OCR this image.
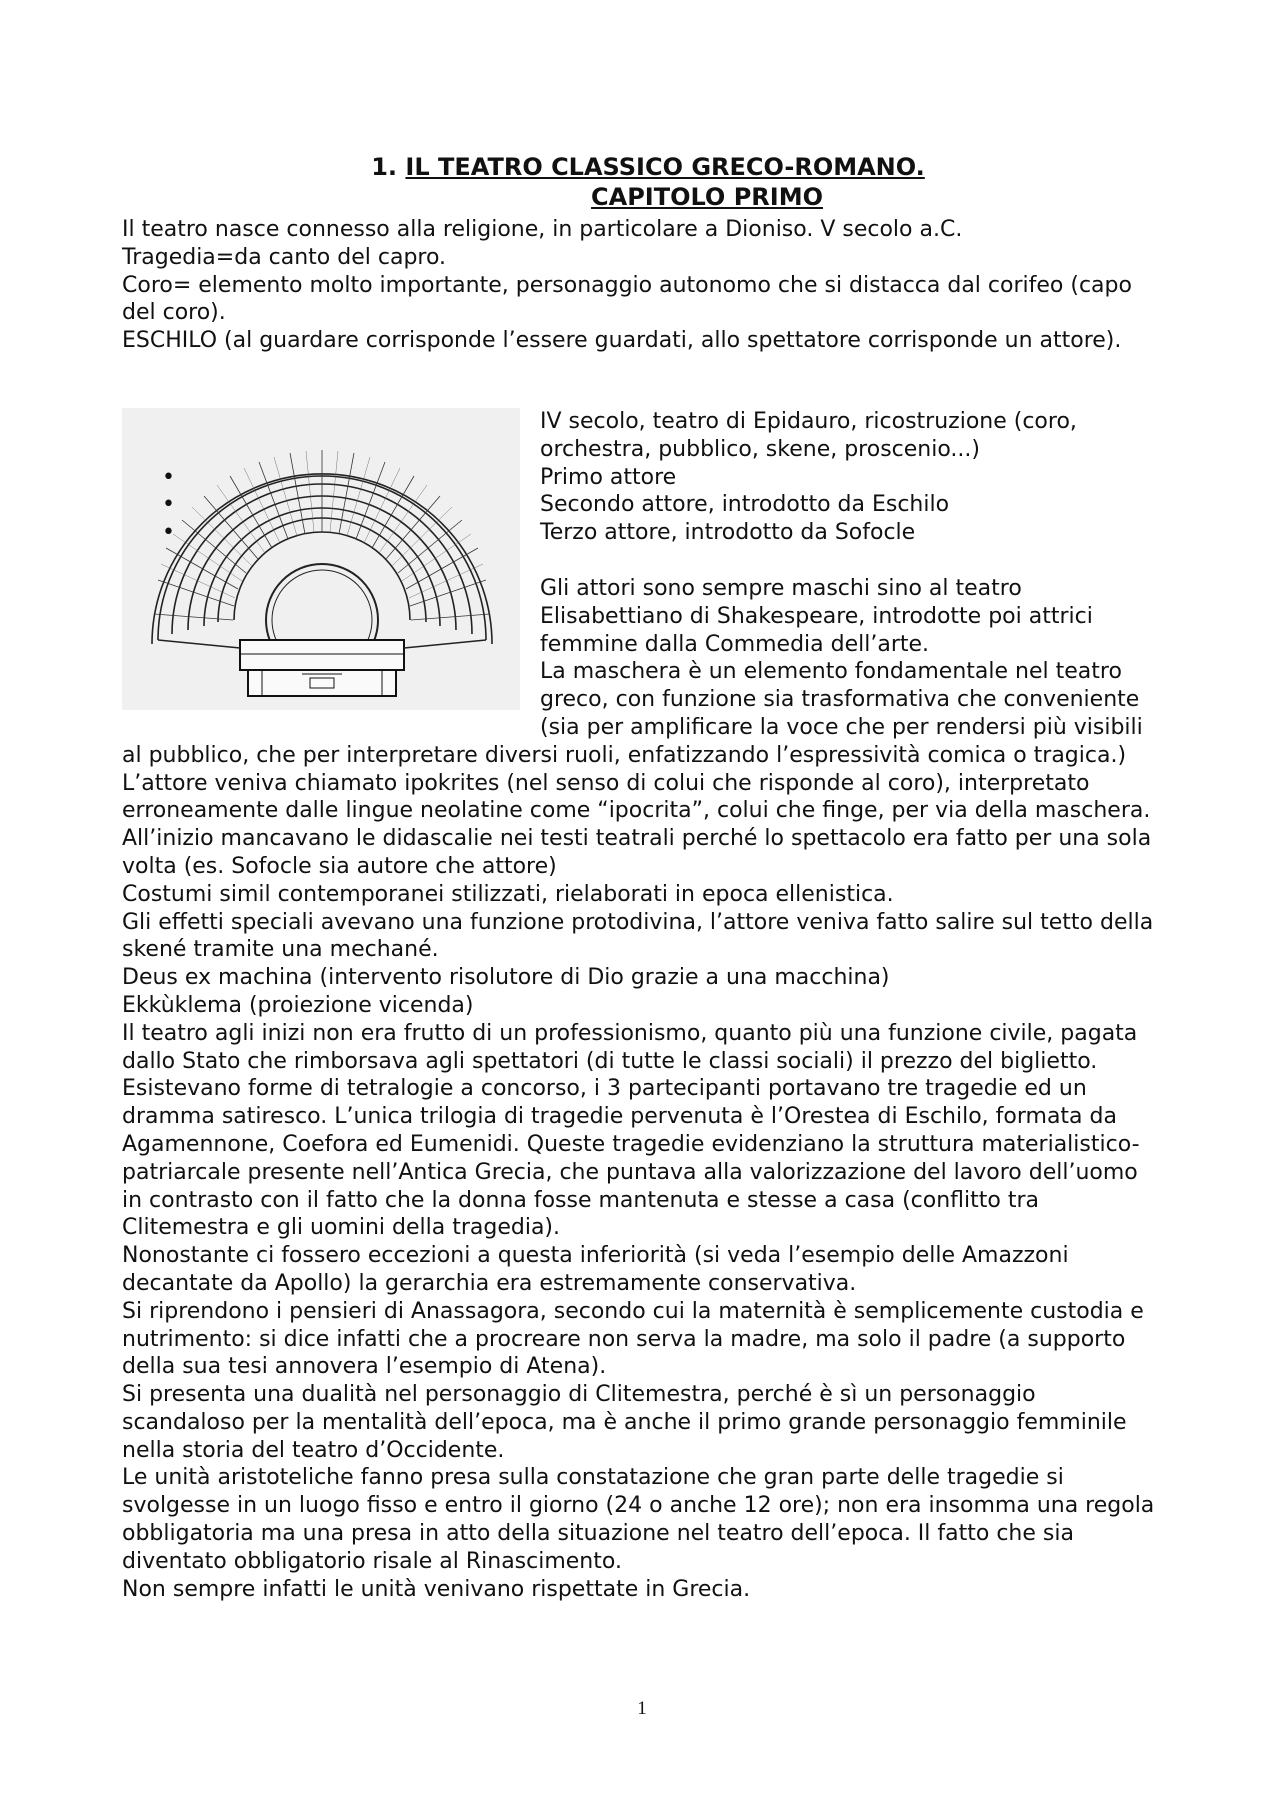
1. IL TEATRO CLASSICO GRECO-ROMANO.
CAPITOLO PRIMO

Il teatro nasce connesso alla religione, in particolare a Dioniso. V secolo a.C.

Tragedia=da canto del capro.

Coro= elemento molto importante, personaggio autonomo che si distacca dal corifeo (capo del coro).

ESCHILO (al guardare corrisponde l’essere guardati, allo spettatore corrisponde un attore).

IV secolo, teatro di Epidauro, ricostruzione (coro, orchestra, pubblico, skene, proscenio...)

• Primo attore
• Secondo attore, introdotto da Eschilo
• Terzo attore, introdotto da Sofocle

Gli attori sono sempre maschi sino al teatro Elisabettiano di Shakespeare, introdotte poi attrici femmine dalla Commedia dell’arte.

La maschera è un elemento fondamentale nel teatro greco, con funzione sia trasformativa che conveniente (sia per amplificare la voce che per rendersi più visibili al pubblico, che per interpretare diversi ruoli, enfatizzando l’espressività comica o tragica.)

L’attore veniva chiamato ipokrites (nel senso di colui che risponde al coro), interpretato erroneamente dalle lingue neolatine come “ipocrita”, colui che finge, per via della maschera.

All’inizio mancavano le didascalie nei testi teatrali perché lo spettacolo era fatto per una sola volta (es. Sofocle sia autore che attore)

Costumi simil contemporanei stilizzati, rielaborati in epoca ellenistica.

Gli effetti speciali avevano una funzione protodivina, l’attore veniva fatto salire sul tetto della skené tramite una mechané.

Deus ex machina (intervento risolutore di Dio grazie a una macchina)

Ekkùklema (proiezione vicenda)

Il teatro agli inizi non era frutto di un professionismo, quanto più una funzione civile, pagata dallo Stato che rimborsava agli spettatori (di tutte le classi sociali) il prezzo del biglietto.

Esistevano forme di tetralogie a concorso, i 3 partecipanti portavano tre tragedie ed un dramma satiresco. L’unica trilogia di tragedie pervenuta è l’Orestea di Eschilo, formata da Agamennone, Coefora ed Eumenidi. Queste tragedie evidenziano la struttura materialistico-patriarcale presente nell’Antica Grecia, che puntava alla valorizzazione del lavoro dell’uomo in contrasto con il fatto che la donna fosse mantenuta e stesse a casa (conflitto tra Clitemestra e gli uomini della tragedia).

Nonostante ci fossero eccezioni a questa inferiorità (si veda l’esempio delle Amazzoni decantate da Apollo) la gerarchia era estremamente conservativa.

Si riprendono i pensieri di Anassagora, secondo cui la maternità è semplicemente custodia e nutrimento: si dice infatti che a procreare non serva la madre, ma solo il padre (a supporto della sua tesi annovera l’esempio di Atena).

Si presenta una dualità nel personaggio di Clitemestra, perché è sì un personaggio scandaloso per la mentalità dell’epoca, ma è anche il primo grande personaggio femminile nella storia del teatro d’Occidente.

Le unità aristoteliche fanno presa sulla constatazione che gran parte delle tragedie si svolgesse in un luogo fisso e entro il giorno (24 o anche 12 ore); non era insomma una regola obbligatoria ma una presa in atto della situazione nel teatro dell’epoca. Il fatto che sia diventato obbligatorio risale al Rinascimento.

Non sempre infatti le unità venivano rispettate in Grecia.

1
